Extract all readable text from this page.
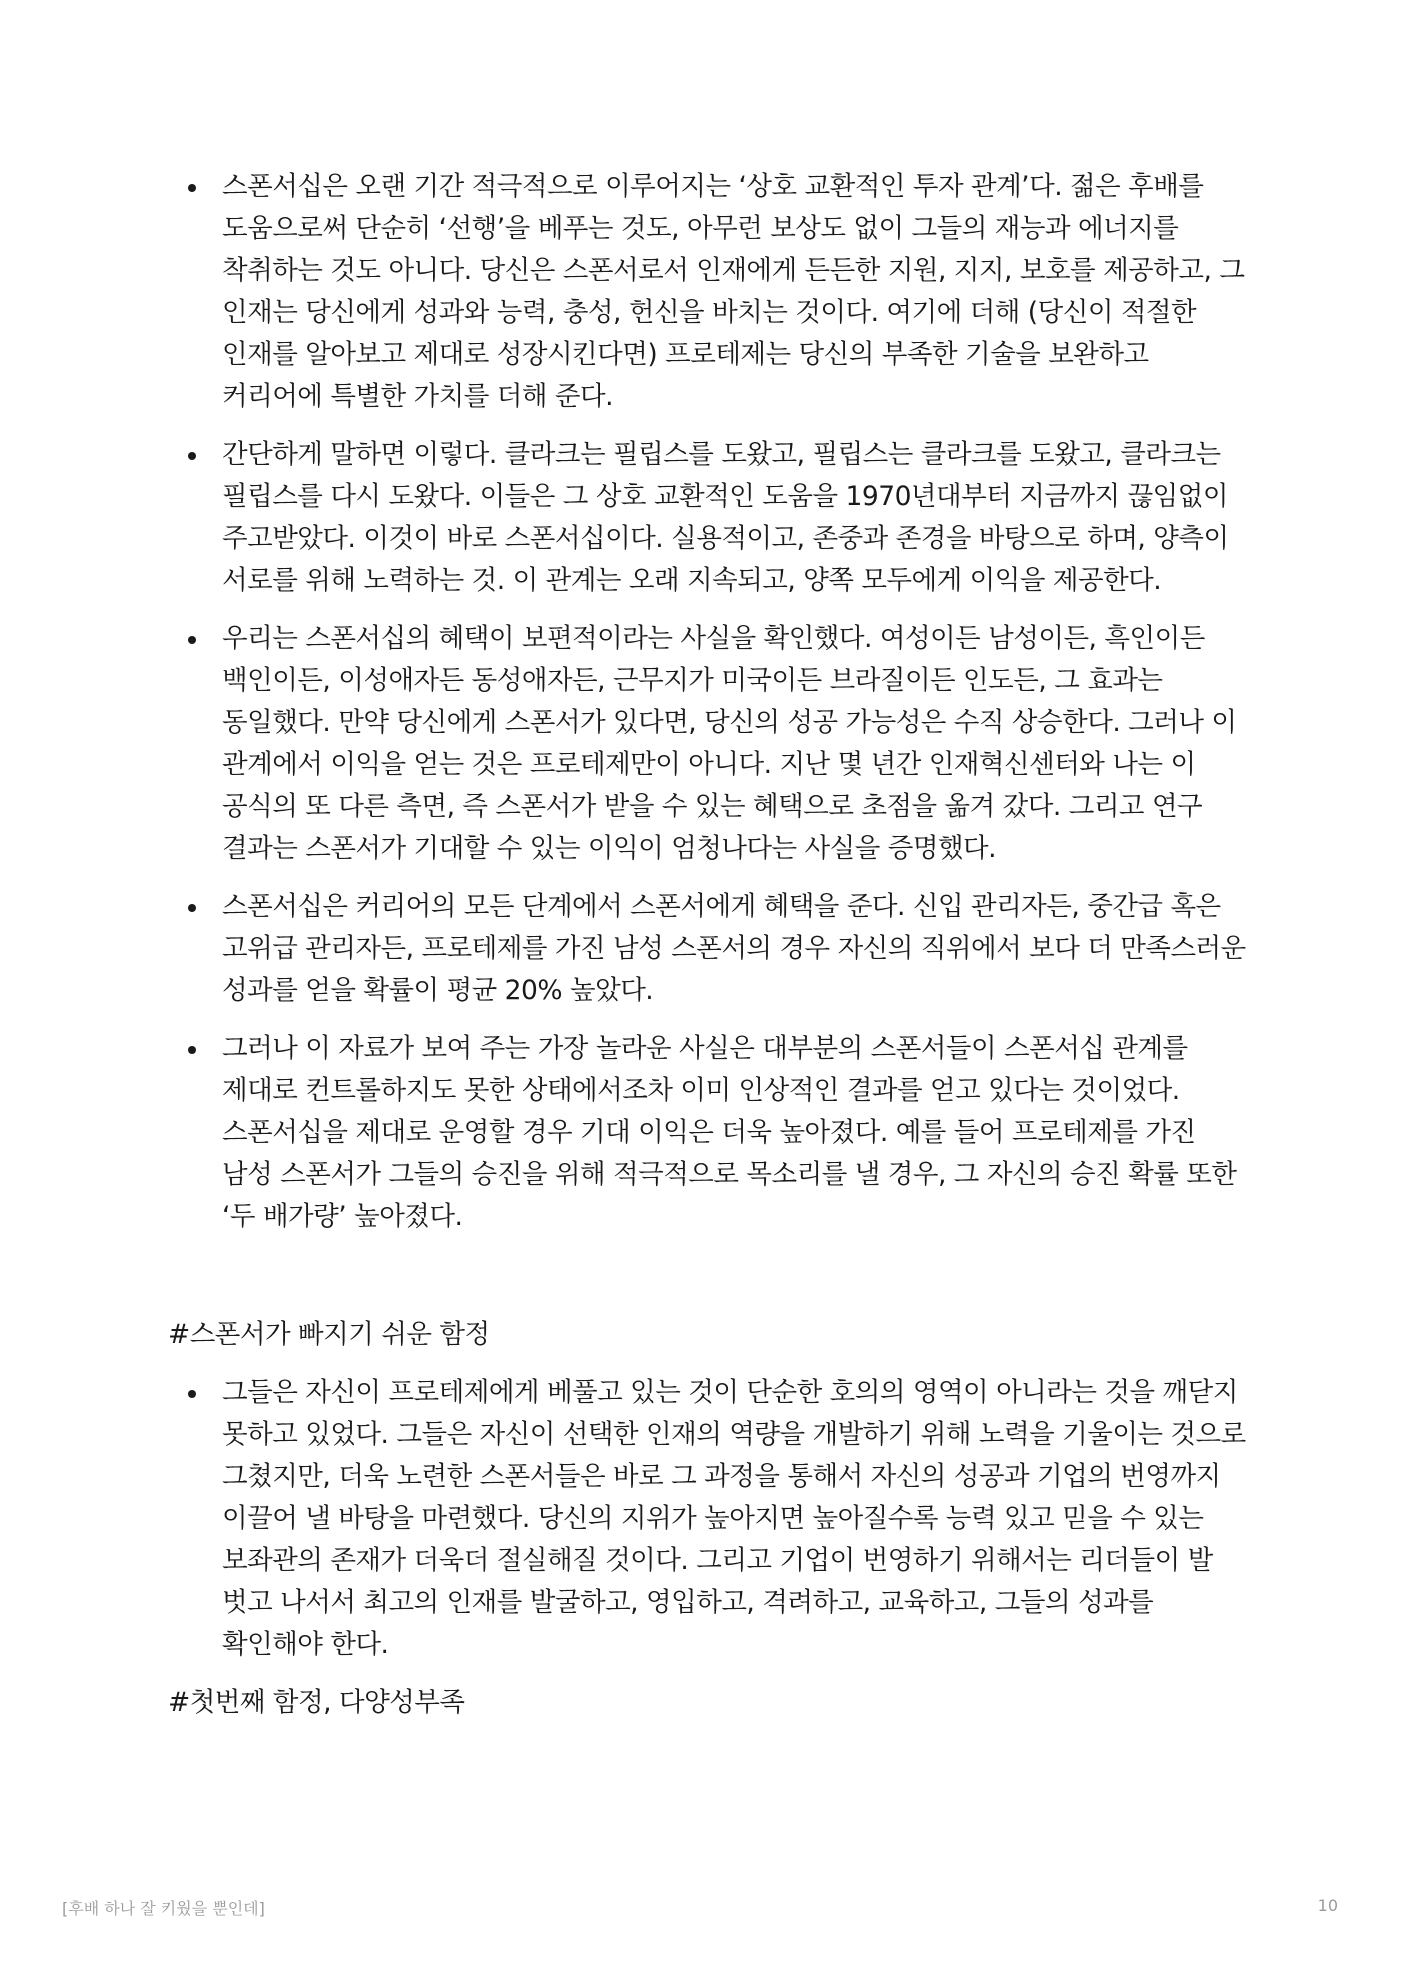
스폰서십은 오랜 기간 적극적으로 이루어지는 ‘상호 교환적인 투자 관계’다. 젊은 후배를 도움으로써 단순히 ‘선행’을 베푸는 것도, 아무런 보상도 없이 그들의 재능과 에너지를 착취하는 것도 아니다. 당신은 스폰서로서 인재에게 든든한 지원, 지지, 보호를 제공하고, 그 인재는 당신에게 성과와 능력, 충성, 헌신을 바치는 것이다. 여기에 더해 (당신이 적절한 인재를 알아보고 제대로 성장시킨다면) 프로테제는 당신의 부족한 기술을 보완하고 커리어에 특별한 가치를 더해 준다.
간단하게 말하면 이렇다. 클라크는 필립스를 도왔고, 필립스는 클라크를 도왔고, 클라크는 필립스를 다시 도왔다. 이들은 그 상호 교환적인 도움을 1970년대부터 지금까지 끊임없이 주고받았다. 이것이 바로 스폰서십이다. 실용적이고, 존중과 존경을 바탕으로 하며, 양측이 서로를 위해 노력하는 것. 이 관계는 오래 지속되고, 양쪽 모두에게 이익을 제공한다.
우리는 스폰서십의 혜택이 보편적이라는 사실을 확인했다. 여성이든 남성이든, 흑인이든 백인이든, 이성애자든 동성애자든, 근무지가 미국이든 브라질이든 인도든, 그 효과는 동일했다. 만약 당신에게 스폰서가 있다면, 당신의 성공 가능성은 수직 상승한다. 그러나 이 관계에서 이익을 얻는 것은 프로테제만이 아니다. 지난 몇 년간 인재혁신센터와 나는 이 공식의 또 다른 측면, 즉 스폰서가 받을 수 있는 혜택으로 초점을 옮겨 갔다. 그리고 연구 결과는 스폰서가 기대할 수 있는 이익이 엄청나다는 사실을 증명했다.
스폰서십은 커리어의 모든 단계에서 스폰서에게 혜택을 준다. 신입 관리자든, 중간급 혹은 고위급 관리자든, 프로테제를 가진 남성 스폰서의 경우 자신의 직위에서 보다 더 만족스러운 성과를 얻을 확률이 평균 20% 높았다.
그러나 이 자료가 보여 주는 가장 놀라운 사실은 대부분의 스폰서들이 스폰서십 관계를 제대로 컨트롤하지도 못한 상태에서조차 이미 인상적인 결과를 얻고 있다는 것이었다. 스폰서십을 제대로 운영할 경우 기대 이익은 더욱 높아졌다. 예를 들어 프로테제를 가진 남성 스폰서가 그들의 승진을 위해 적극적으로 목소리를 낼 경우, 그 자신의 승진 확률 또한 ‘두 배가량’ 높아졌다.
#스폰서가 빠지기 쉬운 함정
그들은 자신이 프로테제에게 베풀고 있는 것이 단순한 호의의 영역이 아니라는 것을 깨닫지 못하고 있었다. 그들은 자신이 선택한 인재의 역량을 개발하기 위해 노력을 기울이는 것으로 그쳤지만, 더욱 노련한 스폰서들은 바로 그 과정을 통해서 자신의 성공과 기업의 번영까지 이끌어 낼 바탕을 마련했다. 당신의 지위가 높아지면 높아질수록 능력 있고 믿을 수 있는 보좌관의 존재가 더욱더 절실해질 것이다. 그리고 기업이 번영하기 위해서는 리더들이 발 벗고 나서서 최고의 인재를 발굴하고, 영입하고, 격려하고, 교육하고, 그들의 성과를 확인해야 한다.
#첫번째 함정, 다양성부족
[후배 하나 잘 키웠을 뿐인데]	10
